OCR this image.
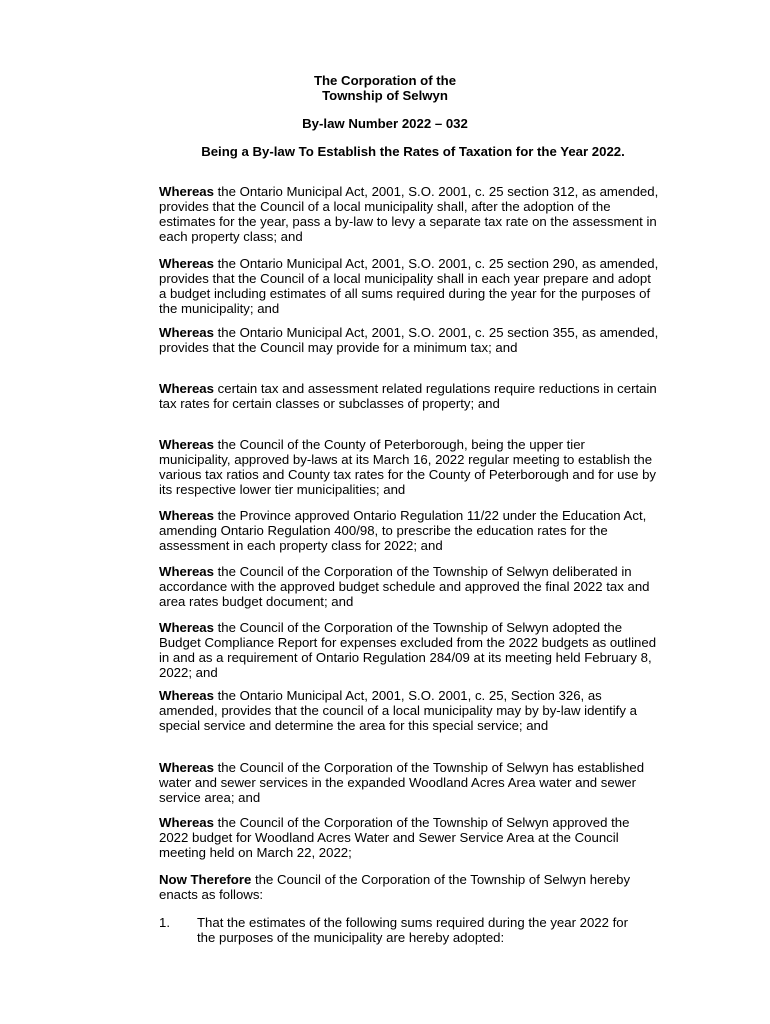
The Corporation of the
Township of Selwyn
By-law Number 2022 – 032
Being a By-law To Establish the Rates of Taxation for the Year 2022.

Whereas the Ontario Municipal Act, 2001, S.O. 2001, c. 25 section 312, as amended, provides that the Council of a local municipality shall, after the adoption of the estimates for the year, pass a by-law to levy a separate tax rate on the assessment in each property class; and

Whereas the Ontario Municipal Act, 2001, S.O. 2001, c. 25 section 290, as amended, provides that the Council of a local municipality shall in each year prepare and adopt a budget including estimates of all sums required during the year for the purposes of the municipality; and

Whereas the Ontario Municipal Act, 2001, S.O. 2001, c. 25 section 355, as amended, provides that the Council may provide for a minimum tax; and

Whereas certain tax and assessment related regulations require reductions in certain tax rates for certain classes or subclasses of property; and

Whereas the Council of the County of Peterborough, being the upper tier municipality, approved by-laws at its March 16, 2022 regular meeting to establish the various tax ratios and County tax rates for the County of Peterborough and for use by its respective lower tier municipalities; and

Whereas the Province approved Ontario Regulation 11/22 under the Education Act, amending Ontario Regulation 400/98, to prescribe the education rates for the assessment in each property class for 2022; and

Whereas the Council of the Corporation of the Township of Selwyn deliberated in accordance with the approved budget schedule and approved the final 2022 tax and area rates budget document; and

Whereas the Council of the Corporation of the Township of Selwyn adopted the Budget Compliance Report for expenses excluded from the 2022 budgets as outlined in and as a requirement of Ontario Regulation 284/09 at its meeting held February 8, 2022; and

Whereas the Ontario Municipal Act, 2001, S.O. 2001, c. 25, Section 326, as amended, provides that the council of a local municipality may by by-law identify a special service and determine the area for this special service; and

Whereas the Council of the Corporation of the Township of Selwyn has established water and sewer services in the expanded Woodland Acres Area water and sewer service area; and

Whereas the Council of the Corporation of the Township of Selwyn approved the 2022 budget for Woodland Acres Water and Sewer Service Area at the Council meeting held on March 22, 2022;

Now Therefore the Council of the Corporation of the Township of Selwyn hereby enacts as follows:

1. That the estimates of the following sums required during the year 2022 for the purposes of the municipality are hereby adopted:
